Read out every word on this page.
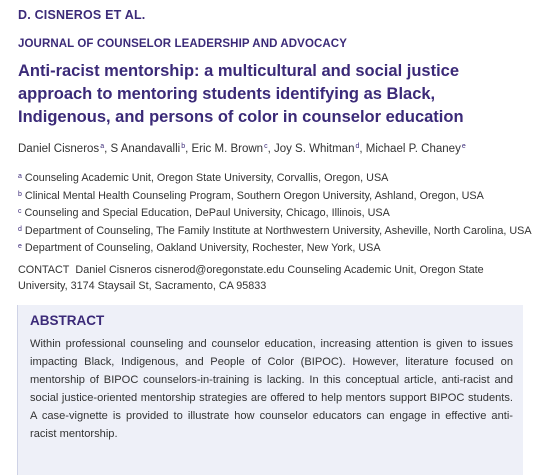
D. CISNEROS ET AL.
JOURNAL OF COUNSELOR LEADERSHIP AND ADVOCACY
Anti-racist mentorship: a multicultural and social justice approach to mentoring students identifying as Black, Indigenous, and persons of color in counselor education
Daniel Cisneros$^a$, S Anandavalli$^b$, Eric M. Brown$^c$, Joy S. Whitman$^d$, Michael P. Chaney$^e$
$^a$ Counseling Academic Unit, Oregon State University, Corvallis, Oregon, USA
$^b$ Clinical Mental Health Counseling Program, Southern Oregon University, Ashland, Oregon, USA
$^c$ Counseling and Special Education, DePaul University, Chicago, Illinois, USA
$^d$ Department of Counseling, The Family Institute at Northwestern University, Asheville, North Carolina, USA
$^e$ Department of Counseling, Oakland University, Rochester, New York, USA
CONTACT Daniel Cisneros cisnerod@oregonstate.edu Counseling Academic Unit, Oregon State University, 3174 Staysail St, Sacramento, CA 95833
ABSTRACT
Within professional counseling and counselor education, increasing attention is given to issues impacting Black, Indigenous, and People of Color (BIPOC). However, literature focused on mentorship of BIPOC counselors-in-training is lacking. In this conceptual article, anti-racist and social justice-oriented mentorship strategies are offered to help mentors support BIPOC students. A case-vignette is provided to illustrate how counselor educators can engage in effective anti-racist mentorship.
